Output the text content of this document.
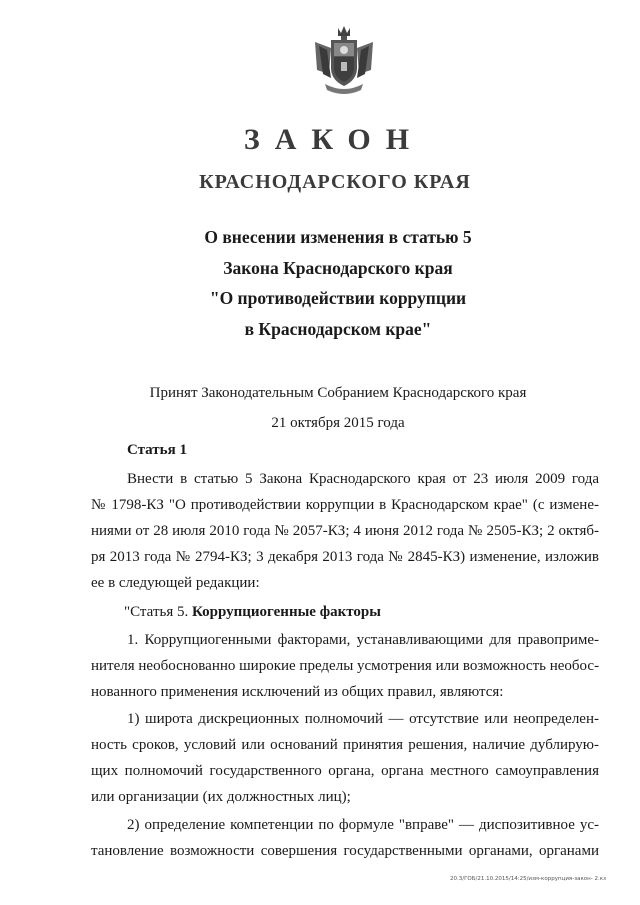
ЗАКОН
КРАСНОДАРСКОГО КРАЯ
О внесении изменения в статью 5
Закона Краснодарского края
"О противодействии коррупции
в Краснодарском крае"
Принят Законодательным Собранием Краснодарского края
21 октября 2015 года
Статья 1
Внести в статью 5 Закона Краснодарского края от 23 июля 2009 года
№ 1798-КЗ "О противодействии коррупции в Краснодарском крае" (с измене-
ниями от 28 июля 2010 года № 2057-КЗ; 4 июня 2012 года № 2505-КЗ; 2 октяб-
ря 2013 года № 2794-КЗ; 3 декабря 2013 года № 2845-КЗ) изменение, изложив
ее в следующей редакции:
"Статья 5. Коррупциогенные факторы
1. Коррупциогенными факторами, устанавливающими для правоприме-
нителя необоснованно широкие пределы усмотрения или возможность необос-
нованного применения исключений из общих правил, являются:
1) широта дискреционных полномочий — отсутствие или неопределен-
ность сроков, условий или оснований принятия решения, наличие дублирую-
щих полномочий государственного органа, органа местного самоуправления
или организации (их должностных лиц);
2) определение компетенции по формуле "вправе" — диспозитивное ус-
тановление возможности совершения государственными органами, органами
20.3/ГОБ/21.10.2015/14:25/изм-коррупция-закон- 2.кз
